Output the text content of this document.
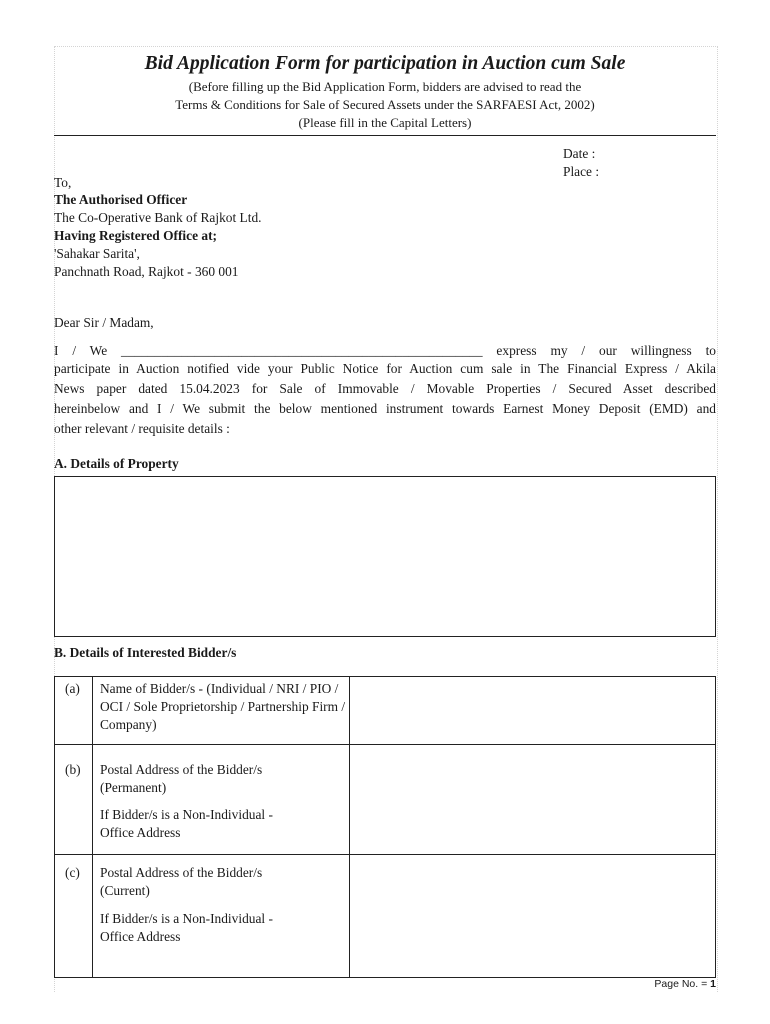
Bid Application Form for participation in Auction cum Sale
(Before filling up the Bid Application Form, bidders are advised to read the
Terms & Conditions for Sale of Secured Assets under the SARFAESI Act, 2002)
(Please fill in the Capital Letters)
Date :
Place :
To,
The Authorised Officer
The Co-Operative Bank of Rajkot Ltd.
Having Registered Office at;
'Sahakar Sarita',
Panchnath Road, Rajkot - 360 001
Dear Sir / Madam,
I / We ______________________________________________________ express my / our willingness to
participate in Auction notified vide your Public Notice for Auction cum sale in The Financial Express / Akila
News paper dated 15.04.2023 for Sale of Immovable / Movable Properties / Secured Asset described
hereinbelow and I / We submit the below mentioned instrument towards Earnest Money Deposit (EMD) and
other relevant / requisite details :
A. Details of Property
B. Details of Interested Bidder/s
(a) Name of Bidder/s - (Individual / NRI / PIO / OCI / Sole Proprietorship / Partnership Firm / Company)
(b) Postal Address of the Bidder/s (Permanent)
If Bidder/s is a Non-Individual - Office Address
(c) Postal Address of the Bidder/s (Current)
If Bidder/s is a Non-Individual - Office Address
Page No. = 1
